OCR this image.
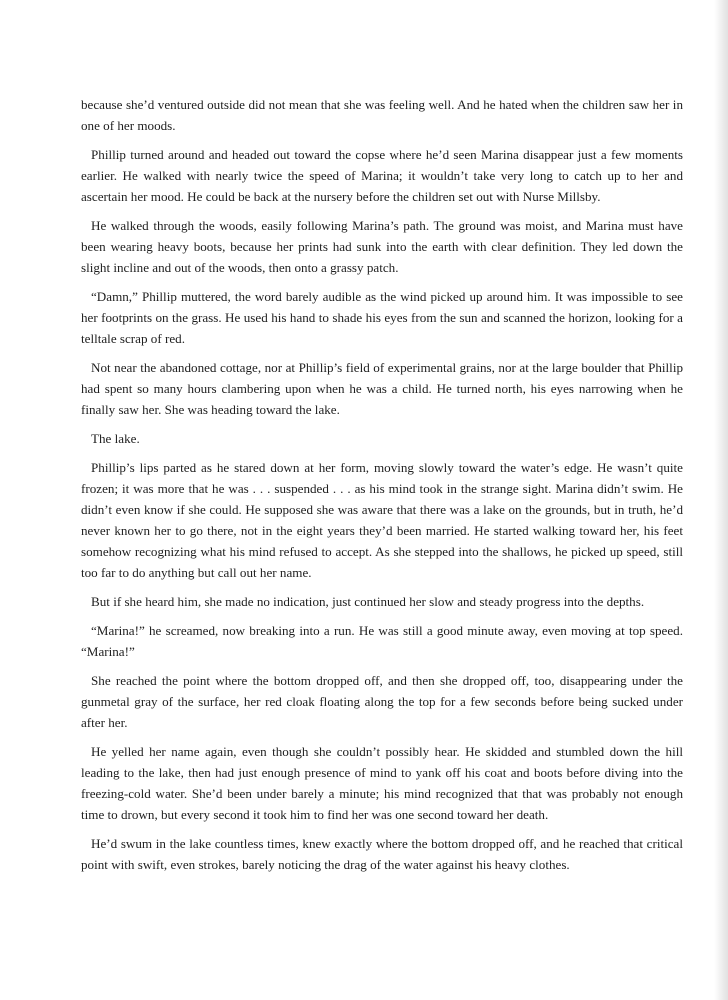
because she’d ventured outside did not mean that she was feeling well. And he hated when the children saw her in one of her moods.

Phillip turned around and headed out toward the copse where he’d seen Marina disappear just a few moments earlier. He walked with nearly twice the speed of Marina; it wouldn’t take very long to catch up to her and ascertain her mood. He could be back at the nursery before the children set out with Nurse Millsby.

He walked through the woods, easily following Marina’s path. The ground was moist, and Marina must have been wearing heavy boots, because her prints had sunk into the earth with clear definition. They led down the slight incline and out of the woods, then onto a grassy patch.

“Damn,” Phillip muttered, the word barely audible as the wind picked up around him. It was impossible to see her footprints on the grass. He used his hand to shade his eyes from the sun and scanned the horizon, looking for a telltale scrap of red.

Not near the abandoned cottage, nor at Phillip’s field of experimental grains, nor at the large boulder that Phillip had spent so many hours clambering upon when he was a child. He turned north, his eyes narrowing when he finally saw her. She was heading toward the lake.

The lake.

Phillip’s lips parted as he stared down at her form, moving slowly toward the water’s edge. He wasn’t quite frozen; it was more that he was . . . suspended . . . as his mind took in the strange sight. Marina didn’t swim. He didn’t even know if she could. He supposed she was aware that there was a lake on the grounds, but in truth, he’d never known her to go there, not in the eight years they’d been married. He started walking toward her, his feet somehow recognizing what his mind refused to accept. As she stepped into the shallows, he picked up speed, still too far to do anything but call out her name.

But if she heard him, she made no indication, just continued her slow and steady progress into the depths.

“Marina!” he screamed, now breaking into a run. He was still a good minute away, even moving at top speed. “Marina!”

She reached the point where the bottom dropped off, and then she dropped off, too, disappearing under the gunmetal gray of the surface, her red cloak floating along the top for a few seconds before being sucked under after her.

He yelled her name again, even though she couldn’t possibly hear. He skidded and stumbled down the hill leading to the lake, then had just enough presence of mind to yank off his coat and boots before diving into the freezing-cold water. She’d been under barely a minute; his mind recognized that that was probably not enough time to drown, but every second it took him to find her was one second toward her death.

He’d swum in the lake countless times, knew exactly where the bottom dropped off, and he reached that critical point with swift, even strokes, barely noticing the drag of the water against his heavy clothes.
